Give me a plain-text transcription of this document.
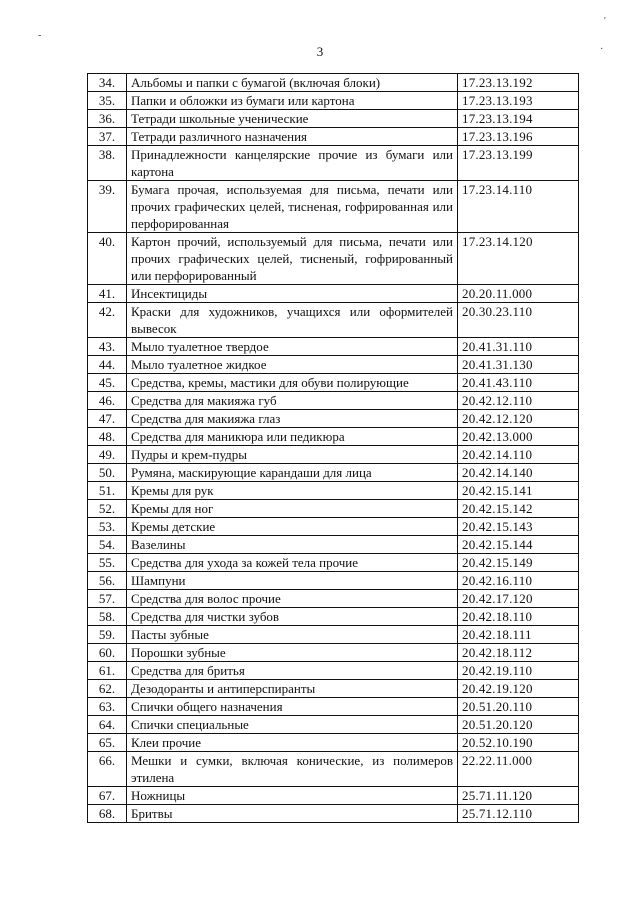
3
'
·
-
34.	Альбомы и папки с бумагой (включая блоки)	17.23.13.192
35.	Папки и обложки из бумаги или картона	17.23.13.193
36.	Тетради школьные ученические	17.23.13.194
37.	Тетради различного назначения	17.23.13.196
38.	Принадлежности канцелярские прочие из бумаги или картона	17.23.13.199
39.	Бумага прочая, используемая для письма, печати или прочих графических целей, тисненая, гофрированная или перфорированная	17.23.14.110
40.	Картон прочий, используемый для письма, печати или прочих графических целей, тисненый, гофрированный или перфорированный	17.23.14.120
41.	Инсектициды	20.20.11.000
42.	Краски для художников, учащихся или оформителей вывесок	20.30.23.110
43.	Мыло туалетное твердое	20.41.31.110
44.	Мыло туалетное жидкое	20.41.31.130
45.	Средства, кремы, мастики для обуви полирующие	20.41.43.110
46.	Средства для макияжа губ	20.42.12.110
47.	Средства для макияжа глаз	20.42.12.120
48.	Средства для маникюра или педикюра	20.42.13.000
49.	Пудры и крем-пудры	20.42.14.110
50.	Румяна, маскирующие карандаши для лица	20.42.14.140
51.	Кремы для рук	20.42.15.141
52.	Кремы для ног	20.42.15.142
53.	Кремы детские	20.42.15.143
54.	Вазелины	20.42.15.144
55.	Средства для ухода за кожей тела прочие	20.42.15.149
56.	Шампуни	20.42.16.110
57.	Средства для волос прочие	20.42.17.120
58.	Средства для чистки зубов	20.42.18.110
59.	Пасты зубные	20.42.18.111
60.	Порошки зубные	20.42.18.112
61.	Средства для бритья	20.42.19.110
62.	Дезодоранты и антиперспиранты	20.42.19.120
63.	Спички общего назначения	20.51.20.110
64.	Спички специальные	20.51.20.120
65.	Клеи прочие	20.52.10.190
66.	Мешки и сумки, включая конические, из полимеров этилена	22.22.11.000
67.	Ножницы	25.71.11.120
68.	Бритвы	25.71.12.110
